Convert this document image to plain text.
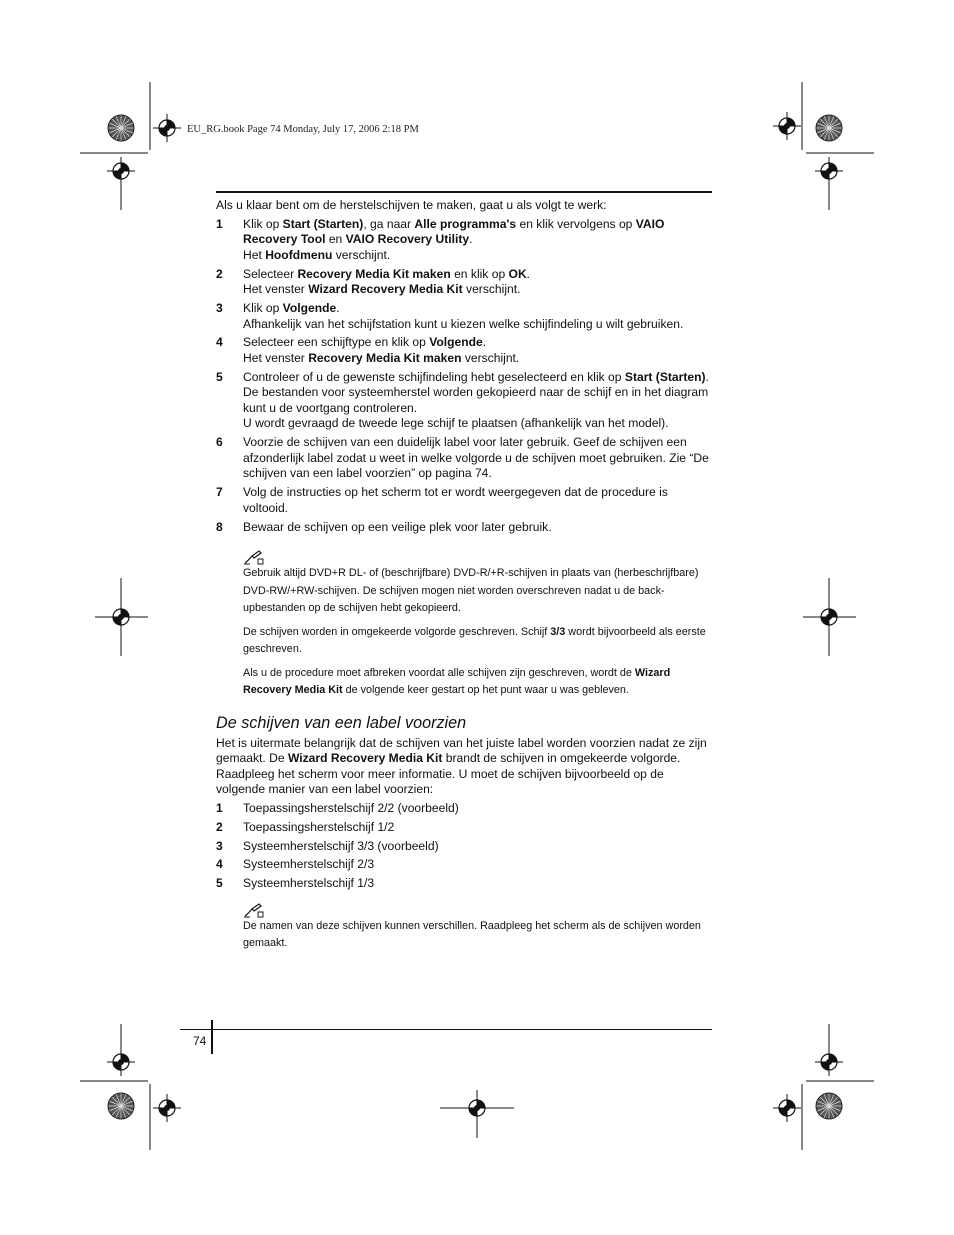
EU_RG.book Page 74 Monday, July 17, 2006 2:18 PM

Als u klaar bent om de herstelschijven te maken, gaat u als volgt te werk:

1	Klik op Start (Starten), ga naar Alle programma's en klik vervolgens op VAIO Recovery Tool en VAIO Recovery Utility.
Het Hoofdmenu verschijnt.
2	Selecteer Recovery Media Kit maken en klik op OK.
Het venster Wizard Recovery Media Kit verschijnt.
3	Klik op Volgende.
Afhankelijk van het schijfstation kunt u kiezen welke schijfindeling u wilt gebruiken.
4	Selecteer een schijftype en klik op Volgende.
Het venster Recovery Media Kit maken verschijnt.
5	Controleer of u de gewenste schijfindeling hebt geselecteerd en klik op Start (Starten).
De bestanden voor systeemherstel worden gekopieerd naar de schijf en in het diagram kunt u de voortgang controleren.
U wordt gevraagd de tweede lege schijf te plaatsen (afhankelijk van het model).
6	Voorzie de schijven van een duidelijk label voor later gebruik. Geef de schijven een afzonderlijk label zodat u weet in welke volgorde u de schijven moet gebruiken. Zie “De schijven van een label voorzien” op pagina 74.
7	Volg de instructies op het scherm tot er wordt weergegeven dat de procedure is voltooid.
8	Bewaar de schijven op een veilige plek voor later gebruik.

Gebruik altijd DVD+R DL- of (beschrijfbare) DVD-R/+R-schijven in plaats van (herbeschrijfbare) DVD-RW/+RW-schijven. De schijven mogen niet worden overschreven nadat u de back-upbestanden op de schijven hebt gekopieerd.

De schijven worden in omgekeerde volgorde geschreven. Schijf 3/3 wordt bijvoorbeeld als eerste geschreven.

Als u de procedure moet afbreken voordat alle schijven zijn geschreven, wordt de Wizard Recovery Media Kit de volgende keer gestart op het punt waar u was gebleven.

De schijven van een label voorzien

Het is uitermate belangrijk dat de schijven van het juiste label worden voorzien nadat ze zijn gemaakt. De Wizard Recovery Media Kit brandt de schijven in omgekeerde volgorde. Raadpleeg het scherm voor meer informatie. U moet de schijven bijvoorbeeld op de volgende manier van een label voorzien:

1	Toepassingsherstelschijf 2/2 (voorbeeld)
2	Toepassingsherstelschijf 1/2
3	Systeemherstelschijf 3/3 (voorbeeld)
4	Systeemherstelschijf 2/3
5	Systeemherstelschijf 1/3

De namen van deze schijven kunnen verschillen. Raadpleeg het scherm als de schijven worden gemaakt.

74
